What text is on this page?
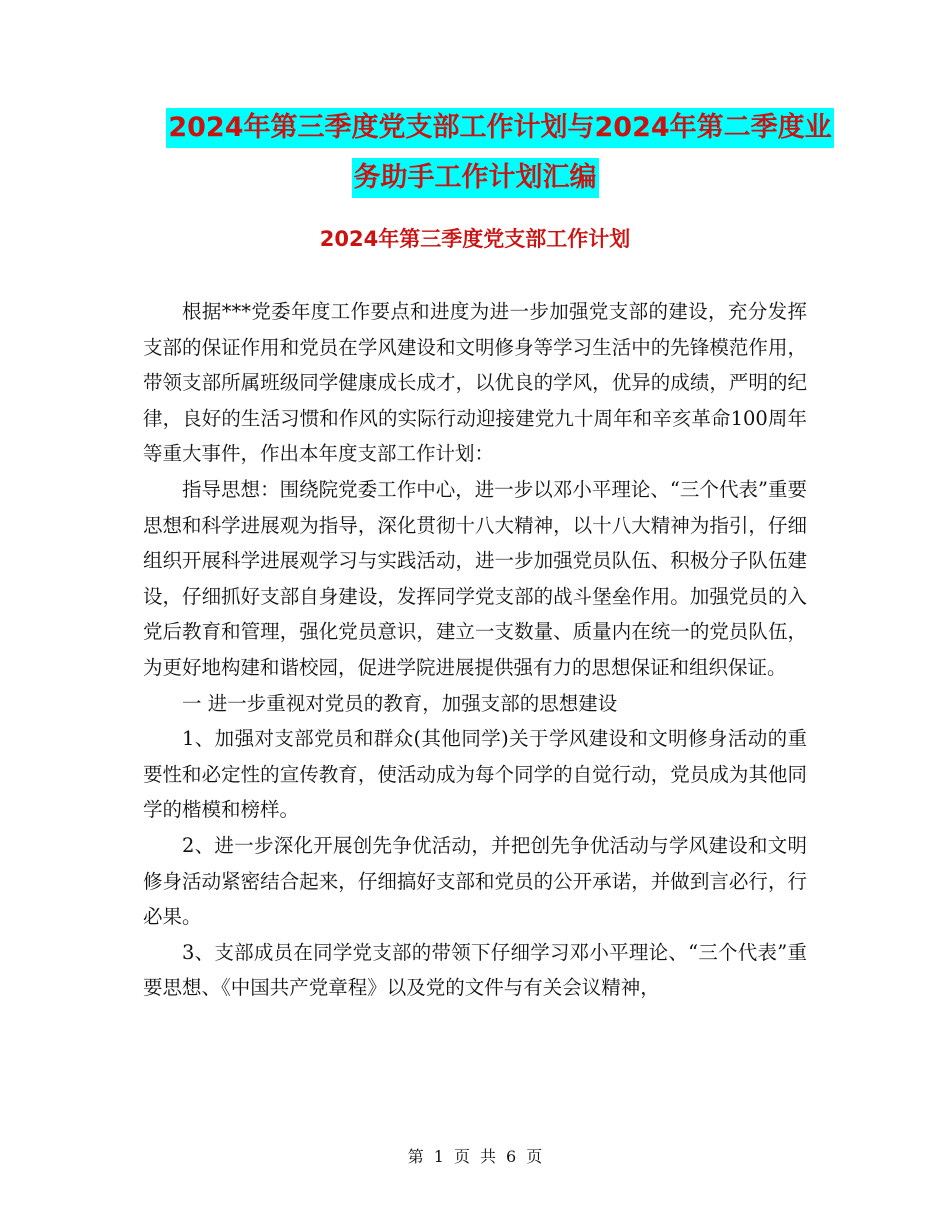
2024年第三季度党支部工作计划与2024年第二季度业
务助手工作计划汇编
2024年第三季度党支部工作计划

根据***党委年度工作要点和进度为进一步加强党支部的建设，充分发挥支部的保证作用和党员在学风建设和文明修身等学习生活中的先锋模范作用，带领支部所属班级同学健康成长成才，以优良的学风，优异的成绩，严明的纪律，良好的生活习惯和作风的实际行动迎接建党九十周年和辛亥革命100周年等重大事件，作出本年度支部工作计划：

指导思想：围绕院党委工作中心，进一步以邓小平理论、“三个代表”重要思想和科学进展观为指导，深化贯彻十八大精神，以十八大精神为指引，仔细组织开展科学进展观学习与实践活动，进一步加强党员队伍、积极分子队伍建设，仔细抓好支部自身建设，发挥同学党支部的战斗堡垒作用。加强党员的入党后教育和管理，强化党员意识，建立一支数量、质量内在统一的党员队伍，为更好地构建和谐校园，促进学院进展提供强有力的思想保证和组织保证。

一 进一步重视对党员的教育，加强支部的思想建设

1、加强对支部党员和群众(其他同学)关于学风建设和文明修身活动的重要性和必定性的宣传教育，使活动成为每个同学的自觉行动，党员成为其他同学的楷模和榜样。

2、进一步深化开展创先争优活动，并把创先争优活动与学风建设和文明修身活动紧密结合起来，仔细搞好支部和党员的公开承诺，并做到言必行，行必果。

3、支部成员在同学党支部的带领下仔细学习邓小平理论、“三个代表”重要思想、《中国共产党章程》以及党的文件与有关会议精神，

第 1 页 共 6 页
